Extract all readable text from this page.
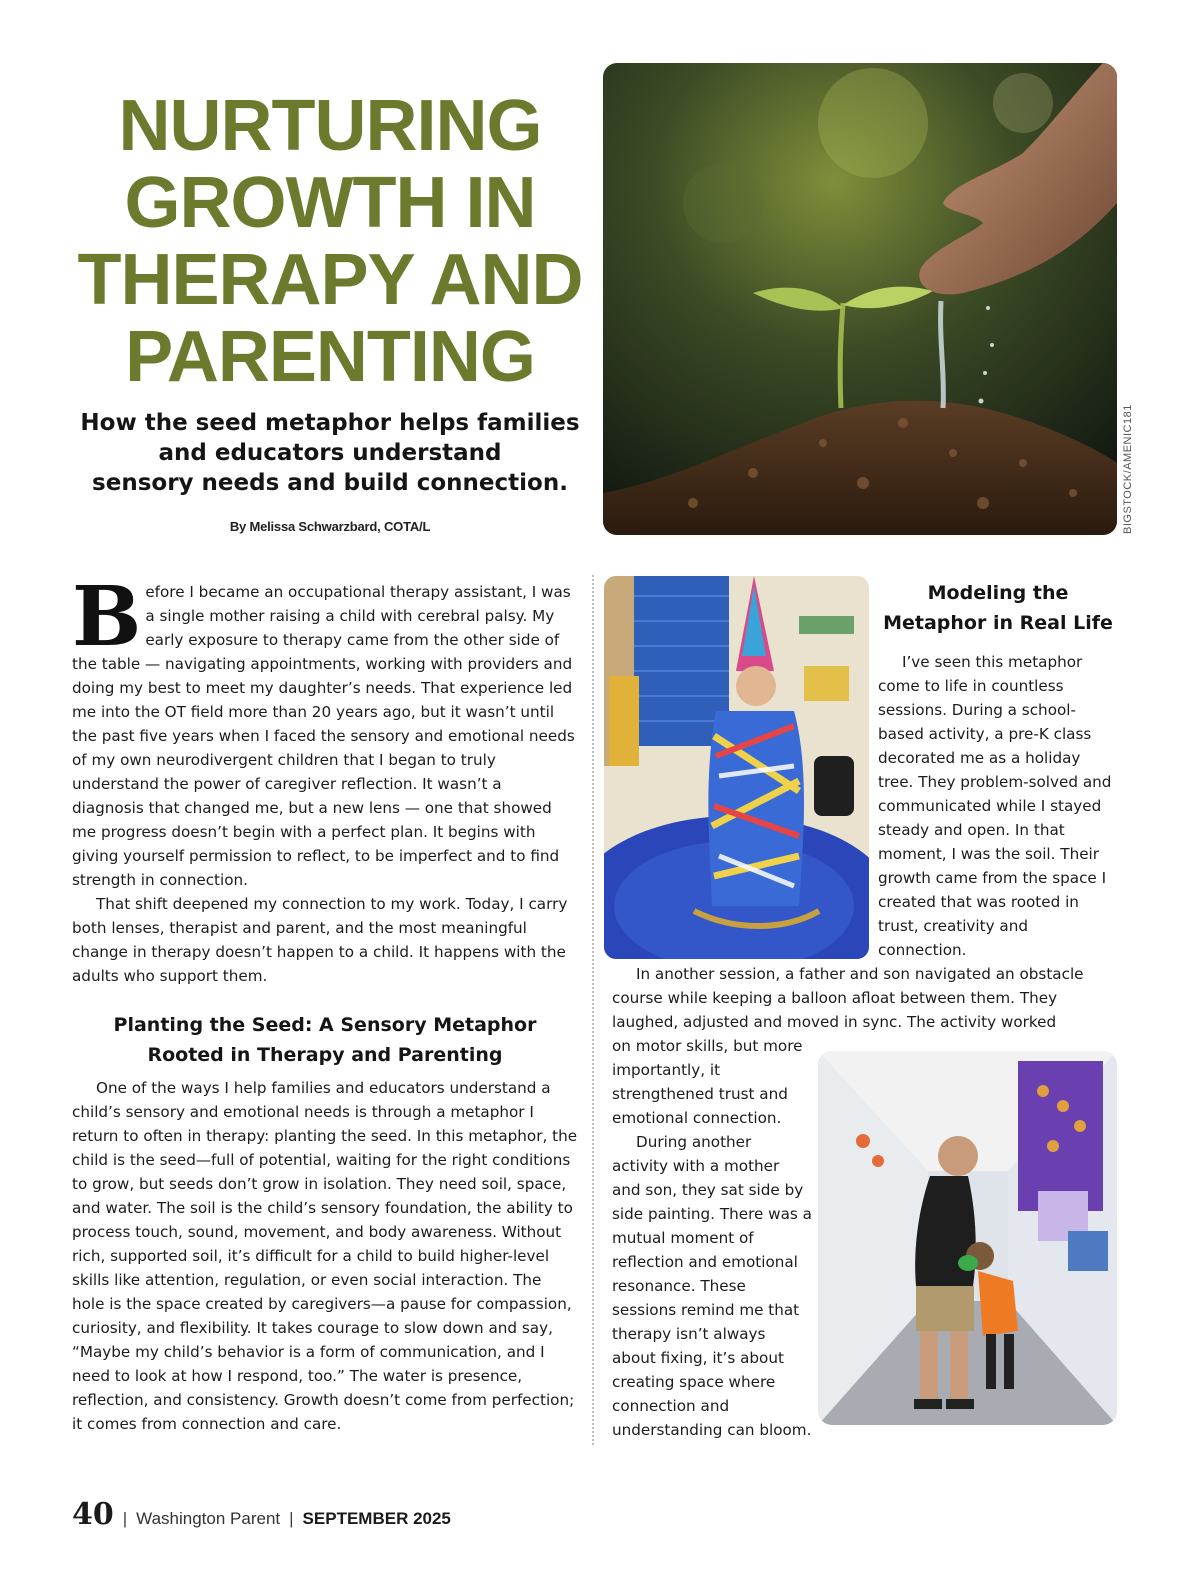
NURTURING
GROWTH IN
THERAPY AND
PARENTING
How the seed metaphor helps families
and educators understand
sensory needs and build connection.
By Melissa Schwarzbard, COTA/L	BIGSTOCK/AMENIC181

Before I became an occupational therapy assistant, I was a single mother raising a child with cerebral palsy. My early exposure to therapy came from the other side of the table — navigating appointments, working with providers and doing my best to meet my daughter’s needs. That experience led me into the OT field more than 20 years ago, but it wasn’t until the past five years when I faced the sensory and emotional needs of my own neurodivergent children that I began to truly understand the power of caregiver reflection. It wasn’t a diagnosis that changed me, but a new lens — one that showed me progress doesn’t begin with a perfect plan. It begins with giving yourself permission to reflect, to be imperfect and to find strength in connection.

That shift deepened my connection to my work. Today, I carry both lenses, therapist and parent, and the most meaningful change in therapy doesn’t happen to a child. It happens with the adults who support them.

Planting the Seed: A Sensory Metaphor
Rooted in Therapy and Parenting

One of the ways I help families and educators understand a child’s sensory and emotional needs is through a metaphor I return to often in therapy: planting the seed. In this metaphor, the child is the seed—full of potential, waiting for the right conditions to grow, but seeds don’t grow in isolation. They need soil, space, and water. The soil is the child’s sensory foundation, the ability to process touch, sound, movement, and body awareness. Without rich, supported soil, it’s difficult for a child to build higher-level skills like attention, regulation, or even social interaction. The hole is the space created by caregivers—a pause for compassion, curiosity, and flexibility. It takes courage to slow down and say, “Maybe my child’s behavior is a form of communication, and I need to look at how I respond, too.” The water is presence, reflection, and consistency. Growth doesn’t come from perfection; it comes from connection and care.

Modeling the
Metaphor in Real Life

I’ve seen this metaphor come to life in countless sessions. During a school-based activity, a pre-K class decorated me as a holiday tree. They problem-solved and communicated while I stayed steady and open. In that moment, I was the soil. Their growth came from the space I created that was rooted in trust, creativity and connection.

In another session, a father and son navigated an obstacle course while keeping a balloon afloat between them. They laughed, adjusted and moved in sync. The activity worked

on motor skills, but more importantly, it strengthened trust and emotional connection.

During another activity with a mother and son, they sat side by side painting. There was a mutual moment of reflection and emotional resonance. These sessions remind me that therapy isn’t always about fixing, it’s about creating space where connection and understanding can bloom.

40 | Washington Parent | SEPTEMBER 2025
